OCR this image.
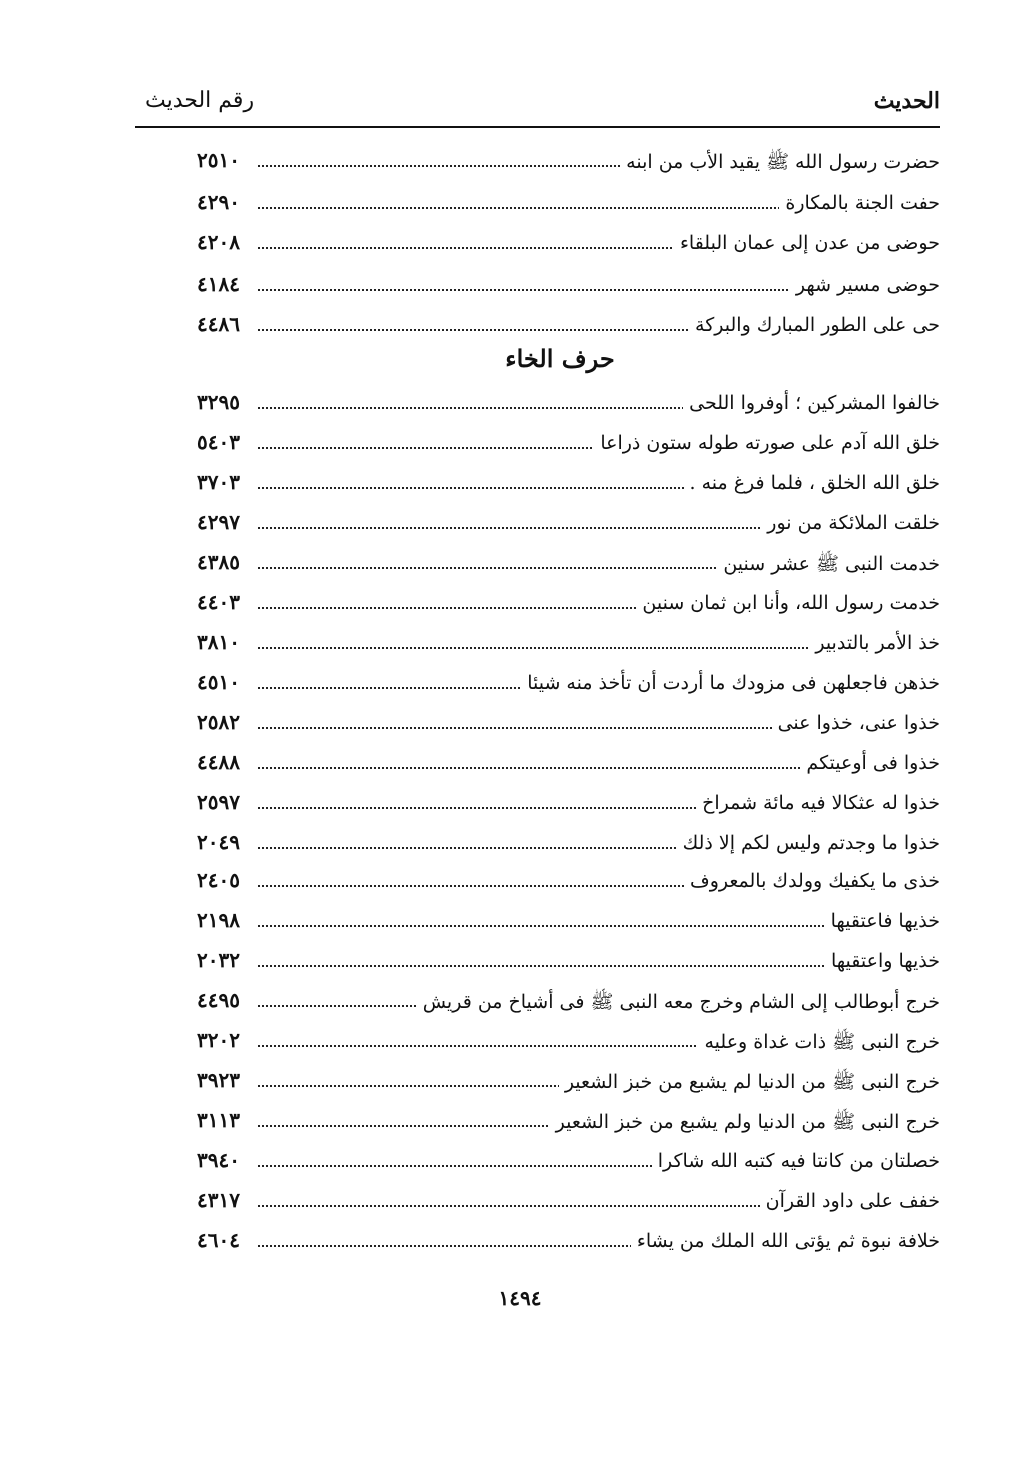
الحديث
رقم الحديث
حضرت رسول الله ﷺ يقيد الأب من ابنه
٢٥١٠
حفت الجنة بالمكارة
٤٢٩٠
حوضى من عدن إلى عمان البلقاء
٤٢٠٨
حوضى مسير شهر
٤١٨٤
حى على الطور المبارك والبركة
٤٤٨٦
حرف الخاء
خالفوا المشركين ؛ أوفروا اللحى
٣٢٩٥
خلق الله آدم على صورته طوله ستون ذراعا
٥٤٠٣
خلق الله الخلق ، فلما فرغ منه .
٣٧٠٣
خلقت الملائكة من نور
٤٢٩٧
خدمت النبى ﷺ عشر سنين
٤٣٨٥
خدمت رسول الله، وأنا ابن ثمان سنين
٤٤٠٣
خذ الأمر بالتدبير
٣٨١٠
خذهن فاجعلهن فى مزودك ما أردت أن تأخذ منه شيئا
٤٥١٠
خذوا عنى، خذوا عنى
٢٥٨٢
خذوا فى أوعيتكم
٤٤٨٨
خذوا له عثكالا فيه مائة شمراخ
٢٥٩٧
خذوا ما وجدتم وليس لكم إلا ذلك
٢٠٤٩
خذى ما يكفيك وولدك بالمعروف
٢٤٠٥
خذيها فاعتقيها
٢١٩٨
خذيها واعتقيها
٢٠٣٢
خرج أبوطالب إلى الشام وخرج معه النبى ﷺ فى أشياخ من قريش
٤٤٩٥
خرج النبى ﷺ ذات غداة وعليه
٣٢٠٢
خرج النبى ﷺ من الدنيا لم يشبع من خبز الشعير
٣٩٢٣
خرج النبى ﷺ من الدنيا ولم يشبع من خبز الشعير
٣١١٣
خصلتان من كانتا فيه كتبه الله شاكرا
٣٩٤٠
خفف على داود القرآن
٤٣١٧
خلافة نبوة ثم يؤتى الله الملك من يشاء
٤٦٠٤
١٤٩٤
